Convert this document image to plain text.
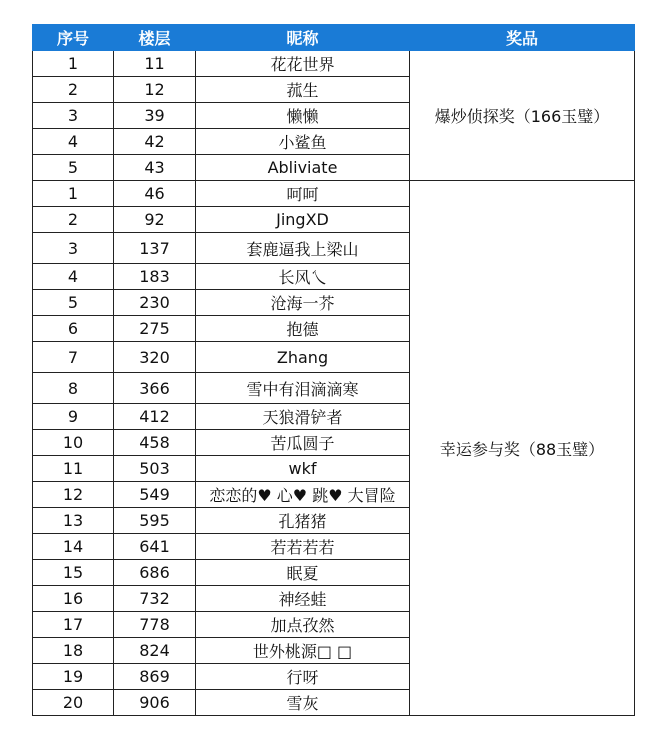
序号	楼层	昵称	奖品
1	11	花花世界	爆炒侦探奖（166玉璧）
2	12	菰生	
3	39	懒懒	
4	42	小鲨鱼	
5	43	Abliviate	
1	46	呵呵	幸运参与奖（88玉璧）
2	92	JingXD	
3	137	套鹿逼我上梁山	
4	183	长风乀	
5	230	沧海一芥	
6	275	抱德	
7	320	Zhang	
8	366	雪中有泪滴滴寒	
9	412	天狼滑铲者	
10	458	苦瓜圆子	
11	503	wkf	
12	549	恋恋的♥ 心♥ 跳♥ 大冒险	
13	595	孔猪猪	
14	641	若若若若	
15	686	眠夏	
16	732	神经蛙	
17	778	加点孜然	
18	824	世外桃源□ □	
19	869	行呀	
20	906	雪灰	
